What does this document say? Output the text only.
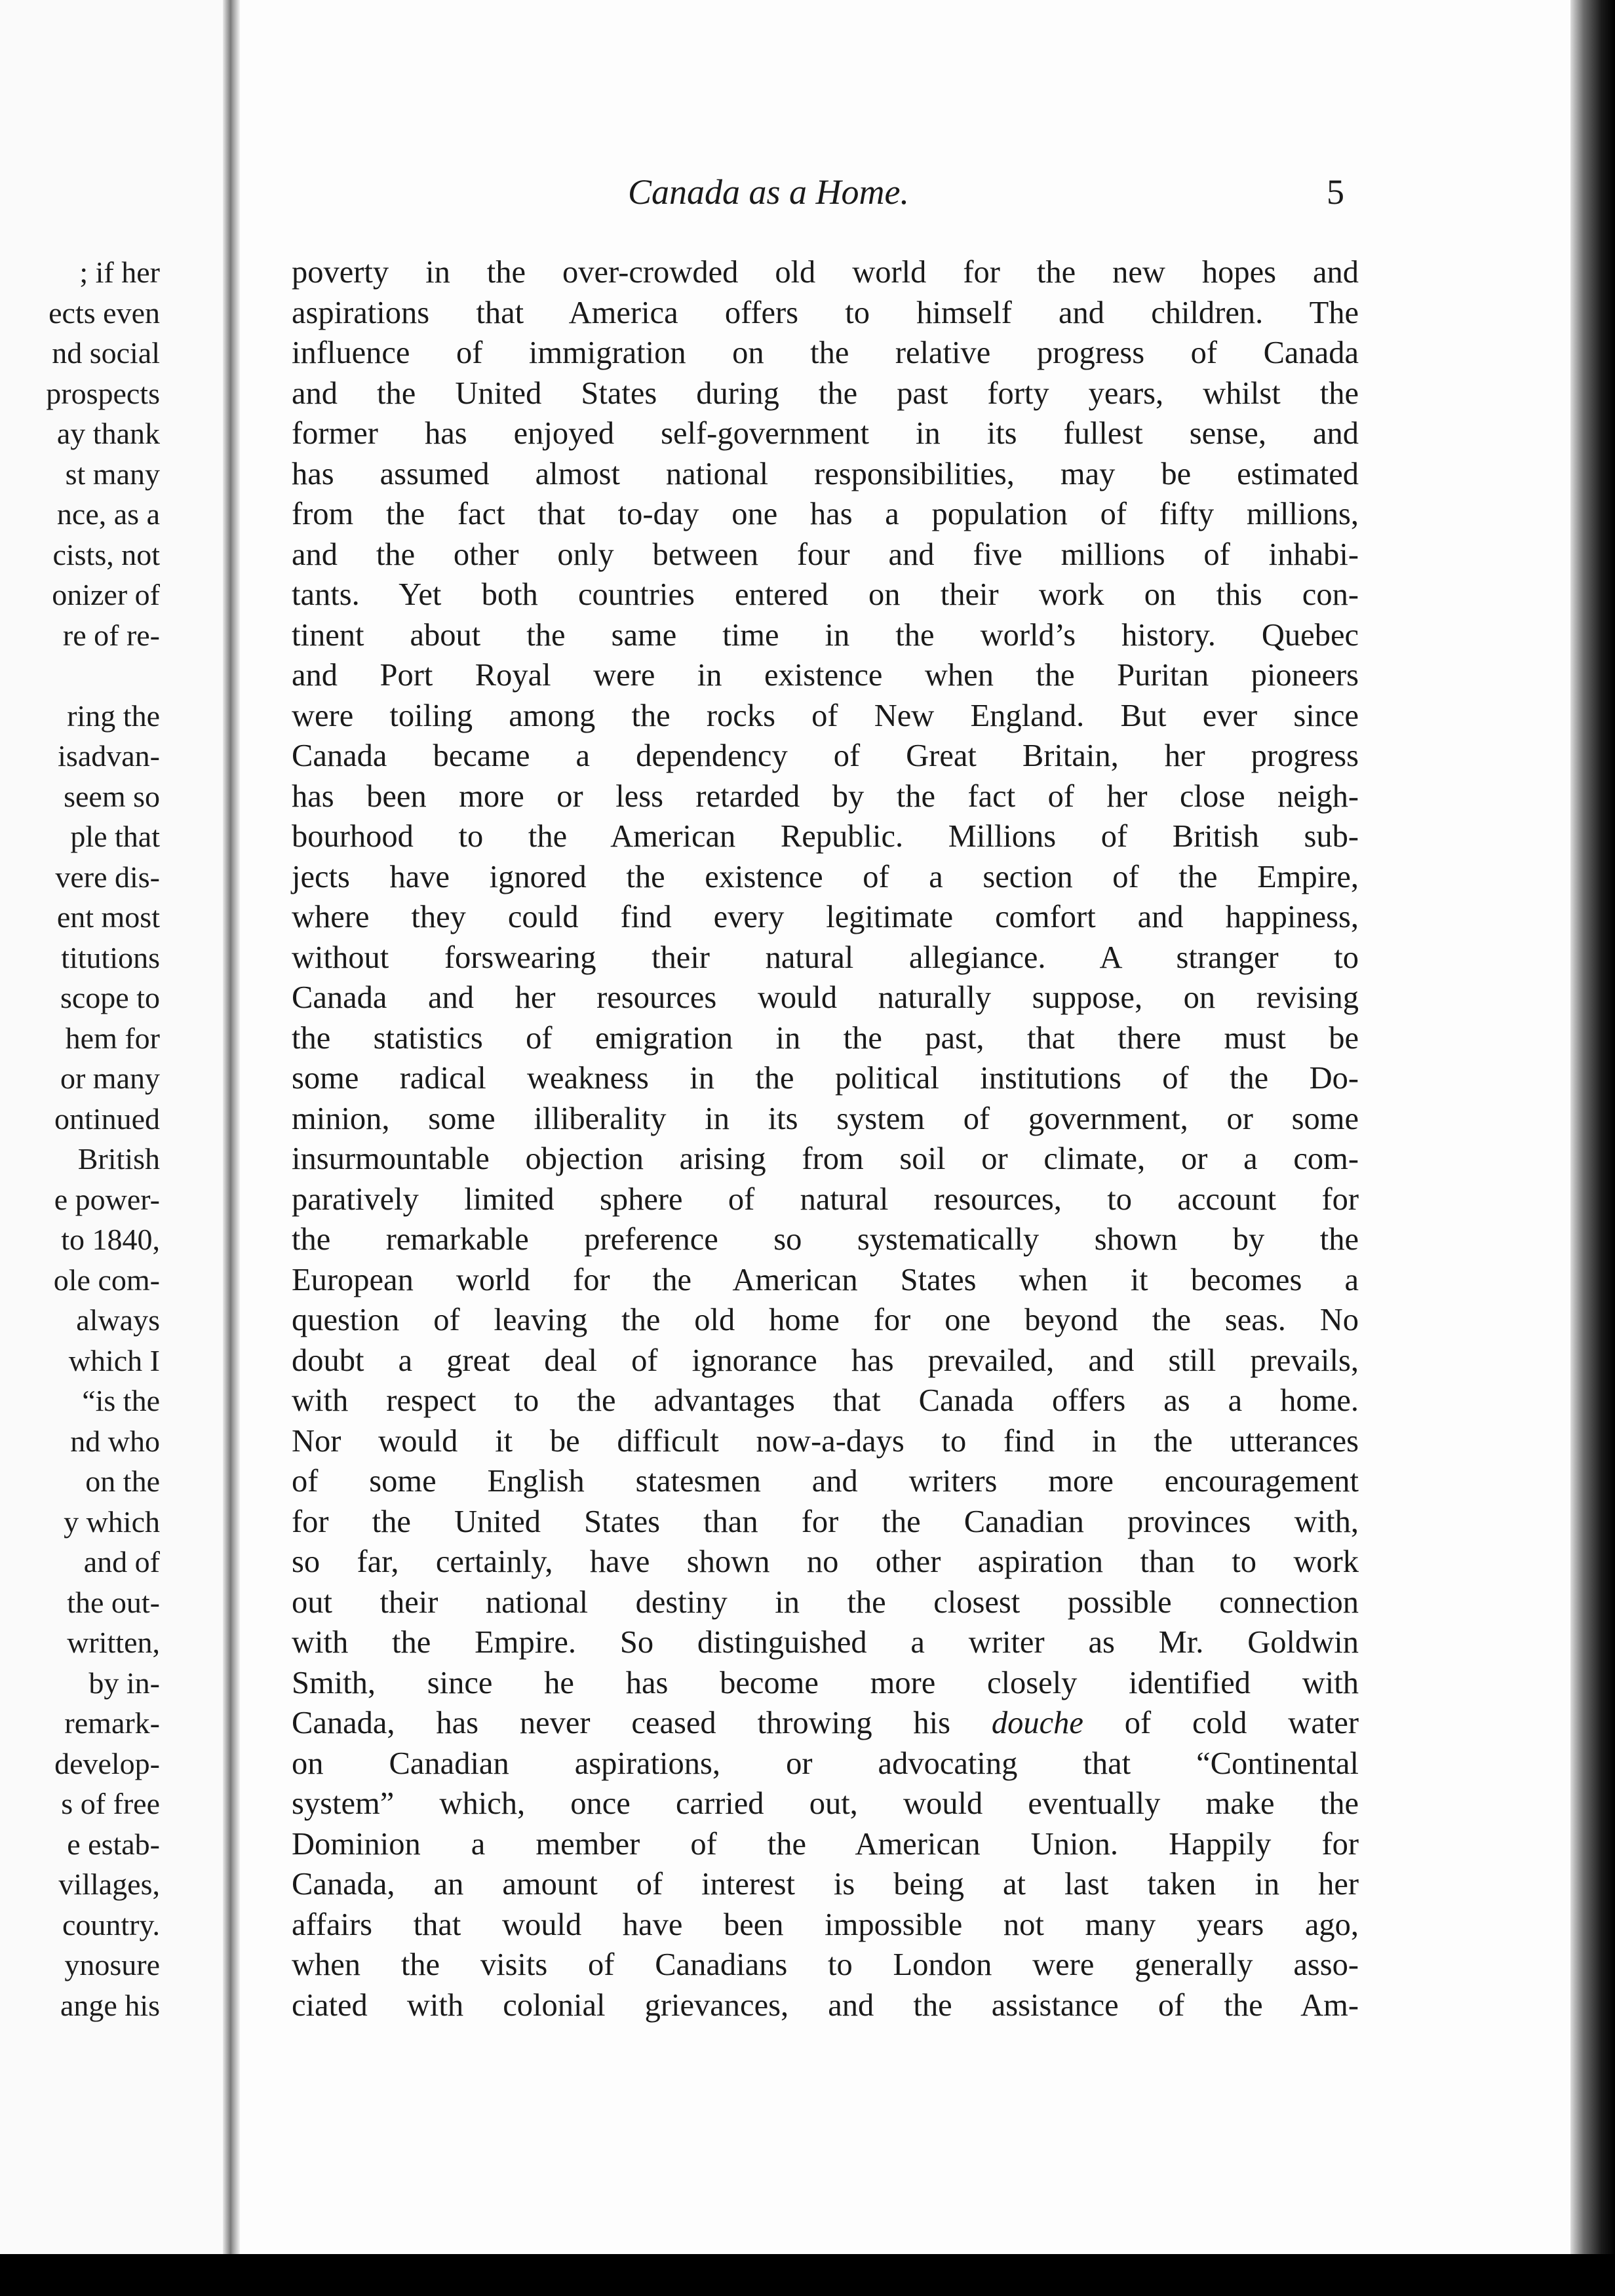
; if her
ects even
nd social
prospects
ay thank
st many
nce, as a
cists, not
onizer of
re of re-
ring the
isadvan-
seem so
ple that
vere dis-
ent most
titutions
scope to
hem for
or many
ontinued
British
e power-
to 1840,
ole com-
always
which I
“is the
nd who
on the
y which
and of
the out-
written,
by in-
remark-
develop-
s of free
e estab-
villages,
country.
ynosure
ange his
Canada as a Home.	5
poverty in the over-crowded old world for the new hopes and
aspirations that America offers to himself and children. The
influence of immigration on the relative progress of Canada
and the United States during the past forty years, whilst the
former has enjoyed self-government in its fullest sense, and
has assumed almost national responsibilities, may be estimated
from the fact that to-day one has a population of fifty millions,
and the other only between four and five millions of inhabi-
tants. Yet both countries entered on their work on this con-
tinent about the same time in the world’s history. Quebec
and Port Royal were in existence when the Puritan pioneers
were toiling among the rocks of New England. But ever since
Canada became a dependency of Great Britain, her progress
has been more or less retarded by the fact of her close neigh-
bourhood to the American Republic. Millions of British sub-
jects have ignored the existence of a section of the Empire,
where they could find every legitimate comfort and happiness,
without forswearing their natural allegiance. A stranger to
Canada and her resources would naturally suppose, on revising
the statistics of emigration in the past, that there must be
some radical weakness in the political institutions of the Do-
minion, some illiberality in its system of government, or some
insurmountable objection arising from soil or climate, or a com-
paratively limited sphere of natural resources, to account for
the remarkable preference so systematically shown by the
European world for the American States when it becomes a
question of leaving the old home for one beyond the seas. No
doubt a great deal of ignorance has prevailed, and still prevails,
with respect to the advantages that Canada offers as a home.
Nor would it be difficult now-a-days to find in the utterances
of some English statesmen and writers more encouragement
for the United States than for the Canadian provinces with,
so far, certainly, have shown no other aspiration than to work
out their national destiny in the closest possible connection
with the Empire. So distinguished a writer as Mr. Goldwin
Smith, since he has become more closely identified with
Canada, has never ceased throwing his douche of cold water
on Canadian aspirations, or advocating that “Continental
system” which, once carried out, would eventually make the
Dominion a member of the American Union. Happily for
Canada, an amount of interest is being at last taken in her
affairs that would have been impossible not many years ago,
when the visits of Canadians to London were generally asso-
ciated with colonial grievances, and the assistance of the Am-
